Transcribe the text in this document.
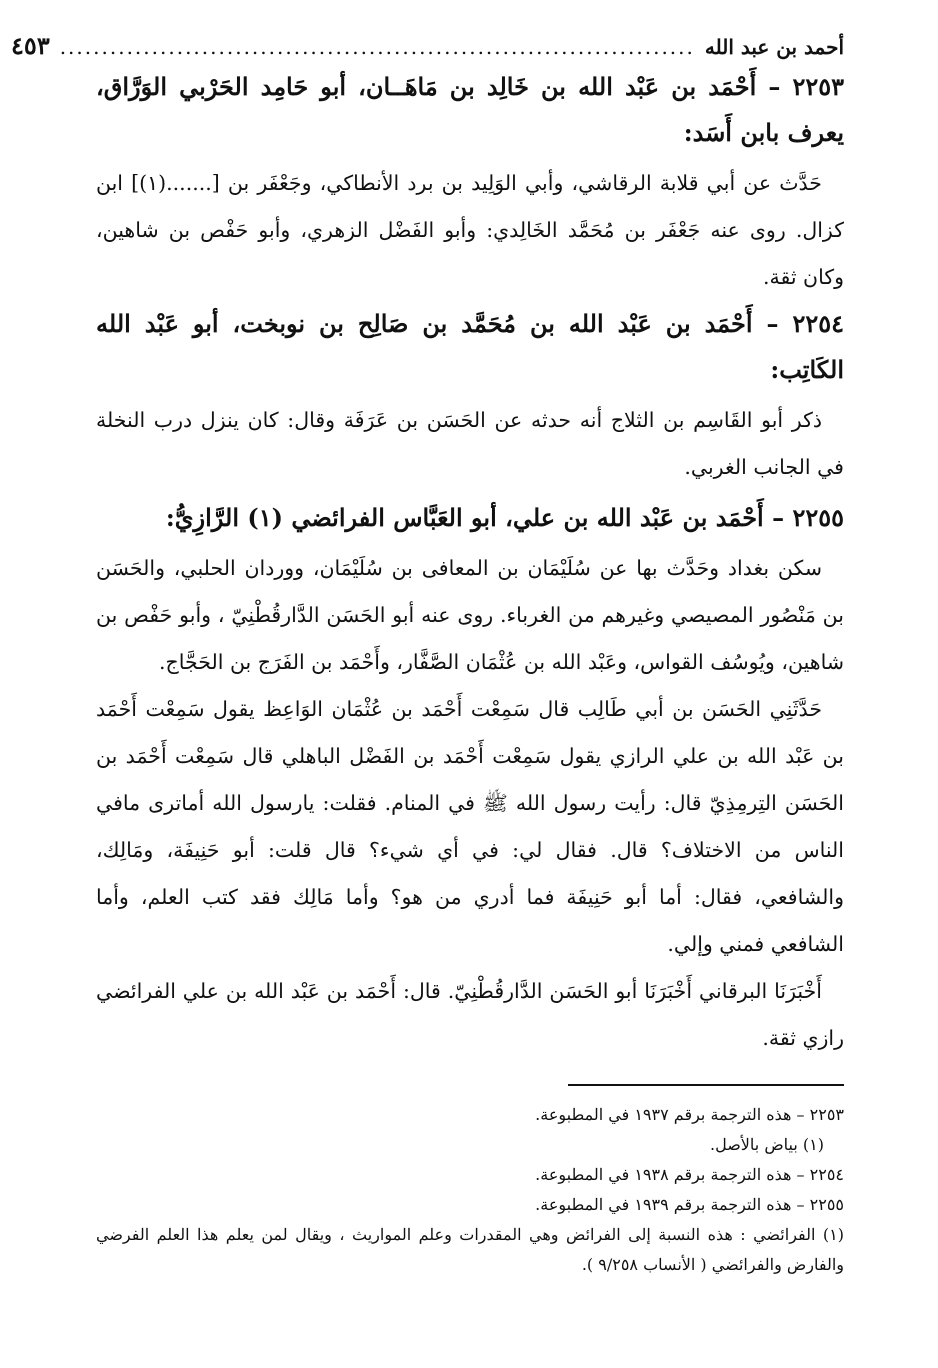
أحمد بن عبد الله
............................................................................
٤٥٣

٢٢٥٣ – أَحْمَد بن عَبْد الله بن خَالِد بن مَاهَــان، أبو حَامِد الحَرْبي الوَرَّاق، يعرف بابن أَسَد:

حَدَّث عن أبي قلابة الرقاشي، وأبي الوَلِيد بن برد الأنطاكي، وجَعْفَر بن [.......(١)] ابن كزال. روى عنه جَعْفَر بن مُحَمَّد الخَالِدي: وأبو الفَضْل الزهري، وأبو حَفْص بن شاهين، وكان ثقة.

٢٢٥٤ – أَحْمَد بن عَبْد الله بن مُحَمَّد بن صَالِح بن نوبخت، أبو عَبْد الله الكَاتِب:

ذكر أبو القَاسِم بن الثلاج أنه حدثه عن الحَسَن بن عَرَفَة وقال: كان ينزل درب النخلة في الجانب الغربي.

٢٢٥٥ – أَحْمَد بن عَبْد الله بن علي، أبو العَبَّاس الفرائضي (١) الرَّازِيُّ:

سكن بغداد وحَدَّث بها عن سُلَيْمَان بن المعافى بن سُلَيْمَان، ووردان الحلبي، والحَسَن بن مَنْصُور المصيصي وغيرهم من الغرباء. روى عنه أبو الحَسَن الدَّارقُطْنِيّ ، وأبو حَفْص بن شاهين، ويُوسُف القواس، وعَبْد الله بن عُثْمَان الصَّفَّار، وأَحْمَد بن الفَرَج بن الحَجَّاج.

حَدَّثَنِي الحَسَن بن أبي طَالِب قال سَمِعْت أَحْمَد بن عُثْمَان الوَاعِظ يقول سَمِعْت أَحْمَد بن عَبْد الله بن علي الرازي يقول سَمِعْت أَحْمَد بن الفَضْل الباهلي قال سَمِعْت أَحْمَد بن الحَسَن التِرمِذِيّ قال: رأيت رسول الله ﷺ في المنام. فقلت: يارسول الله أماترى مافي الناس من الاختلاف؟ قال. فقال لي: في أي شيء؟ قال قلت: أبو حَنِيفَة، ومَالِك، والشافعي، فقال: أما أبو حَنِيفَة فما أدري من هو؟ وأما مَالِك فقد كتب العلم، وأما الشافعي فمني وإلي.

أَخْبَرَنَا البرقاني أَخْبَرَنَا أبو الحَسَن الدَّارقُطْنِيّ. قال: أَحْمَد بن عَبْد الله بن علي الفرائضي رازي ثقة.

٢٢٥٣ – هذه الترجمة برقم ١٩٣٧ في المطبوعة.

(١) بياض بالأصل.

٢٢٥٤ – هذه الترجمة برقم ١٩٣٨ في المطبوعة.

٢٢٥٥ – هذه الترجمة برقم ١٩٣٩ في المطبوعة.

(١) الفرائضي : هذه النسبة إلى الفرائض وهي المقدرات وعلم المواريث ، ويقال لمن يعلم هذا العلم الفرضي والفارض والفرائضي ( الأنساب ٩/٢٥٨ ).
